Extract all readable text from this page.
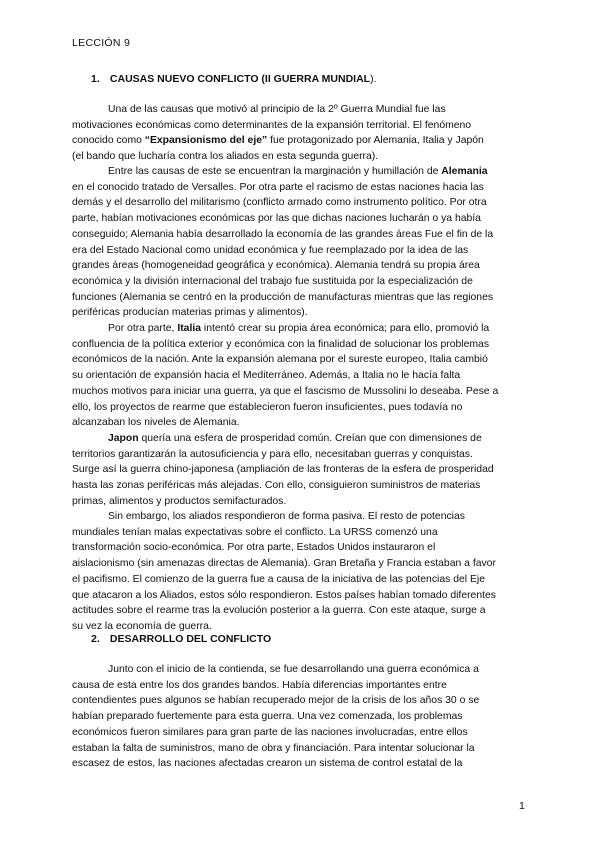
LECCIÓN 9
1. CAUSAS NUEVO CONFLICTO (II GUERRA MUNDIAL).
Una de las causas que motivó al principio de la 2º Guerra Mundial fue las
motivaciones económicas como determinantes de la expansión territorial. El fenómeno
conocido como “Expansionismo del eje” fue protagonizado por Alemania, Italia y Japón
(el bando que lucharía contra los aliados en esta segunda guerra).
Entre las causas de este se encuentran la marginación y humillación de Alemania
en el conocido tratado de Versalles. Por otra parte el racismo de estas naciones hacia las
demás y el desarrollo del militarismo (conflicto armado como instrumento político. Por otra
parte, habían motivaciones económicas por las que dichas naciones lucharán o ya había
conseguido; Alemania había desarrollado la economía de las grandes áreas Fue el fin de la
era del Estado Nacional como unidad económica y fue reemplazado por la idea de las
grandes áreas (homogeneidad geográfica y económica). Alemania tendrá su propia área
económica y la división internacional del trabajo fue sustituida por la especialización de
funciones (Alemania se centró en la producción de manufacturas mientras que las regiones
periféricas producían materias primas y alimentos).
Por otra parte, Italia intentó crear su propia área económica; para ello, promovió la
confluencia de la política exterior y económica con la finalidad de solucionar los problemas
económicos de la nación. Ante la expansión alemana por el sureste europeo, Italia cambió
su orientación de expansión hacia el Mediterráneo. Además, a Italia no le hacía falta
muchos motivos para iniciar una guerra, ya que el fascismo de Mussolini lo deseaba. Pese a
ello, los proyectos de rearme que establecieron fueron insuficientes, pues todavía no
alcanzaban los niveles de Alemania.
Japon quería una esfera de prosperidad común. Creían que con dimensiones de
territorios garantizarán la autosuficiencia y para ello, necesitaban guerras y conquistas.
Surge así la guerra chino-japonesa (ampliación de las fronteras de la esfera de prosperidad
hasta las zonas periféricas más alejadas. Con ello, consiguieron suministros de materias
primas, alimentos y productos semifacturados.
Sin embargo, los aliados respondieron de forma pasiva. El resto de potencias
mundiales tenían malas expectativas sobre el conflicto. La URSS comenzó una
transformación socio-económica. Por otra parte, Estados Unidos instauraron el
aislacionismo (sin amenazas directas de Alemania). Gran Bretaña y Francia estaban a favor
el pacifismo. El comienzo de la guerra fue a causa de la iniciativa de las potencias del Eje
que atacaron a los Aliados, estos sólo respondieron. Estos países habían tomado diferentes
actitudes sobre el rearme tras la evolución posterior a la guerra. Con este ataque, surge a
su vez la economía de guerra.
2. DESARROLLO DEL CONFLICTO
Junto con el inicio de la contienda, se fue desarrollando una guerra económica a
causa de esta entre los dos grandes bandos. Había diferencias importantes entre
contendientes pues algunos se habían recuperado mejor de la crisis de los años 30 o se
habían preparado fuertemente para esta guerra. Una vez comenzada, los problemas
económicos fueron similares para gran parte de las naciones involucradas, entre ellos
estaban la falta de suministros, mano de obra y financiación. Para intentar solucionar la
escasez de estos, las naciones afectadas crearon un sistema de control estatal de la
1
